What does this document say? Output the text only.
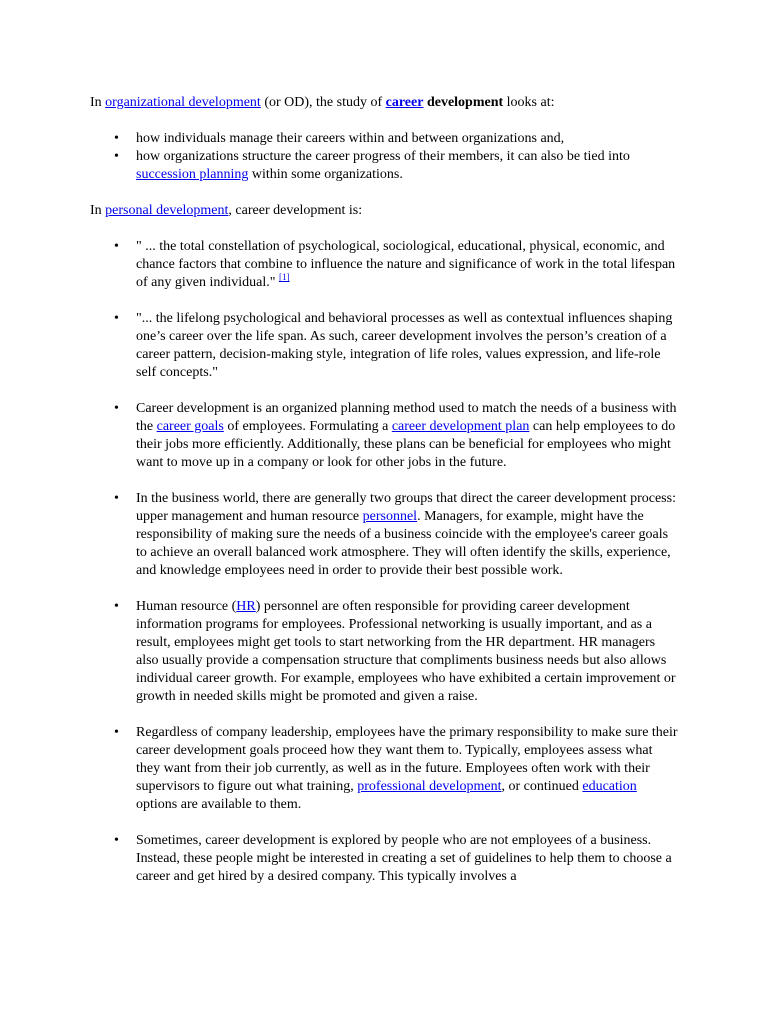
In organizational development (or OD), the study of career development looks at:

• how individuals manage their careers within and between organizations and,
• how organizations structure the career progress of their members, it can also be tied into succession planning within some organizations.

In personal development, career development is:

• " ... the total constellation of psychological, sociological, educational, physical, economic, and chance factors that combine to influence the nature and significance of work in the total lifespan of any given individual." [1]
• "... the lifelong psychological and behavioral processes as well as contextual influences shaping one’s career over the life span. As such, career development involves the person’s creation of a career pattern, decision-making style, integration of life roles, values expression, and life-role self concepts."
• Career development is an organized planning method used to match the needs of a business with the career goals of employees. Formulating a career development plan can help employees to do their jobs more efficiently. Additionally, these plans can be beneficial for employees who might want to move up in a company or look for other jobs in the future.
• In the business world, there are generally two groups that direct the career development process: upper management and human resource personnel. Managers, for example, might have the responsibility of making sure the needs of a business coincide with the employee's career goals to achieve an overall balanced work atmosphere. They will often identify the skills, experience, and knowledge employees need in order to provide their best possible work.
• Human resource (HR) personnel are often responsible for providing career development information programs for employees. Professional networking is usually important, and as a result, employees might get tools to start networking from the HR department. HR managers also usually provide a compensation structure that compliments business needs but also allows individual career growth. For example, employees who have exhibited a certain improvement or growth in needed skills might be promoted and given a raise.
• Regardless of company leadership, employees have the primary responsibility to make sure their career development goals proceed how they want them to. Typically, employees assess what they want from their job currently, as well as in the future. Employees often work with their supervisors to figure out what training, professional development, or continued education options are available to them.
• Sometimes, career development is explored by people who are not employees of a business. Instead, these people might be interested in creating a set of guidelines to help them to choose a career and get hired by a desired company. This typically involves a
